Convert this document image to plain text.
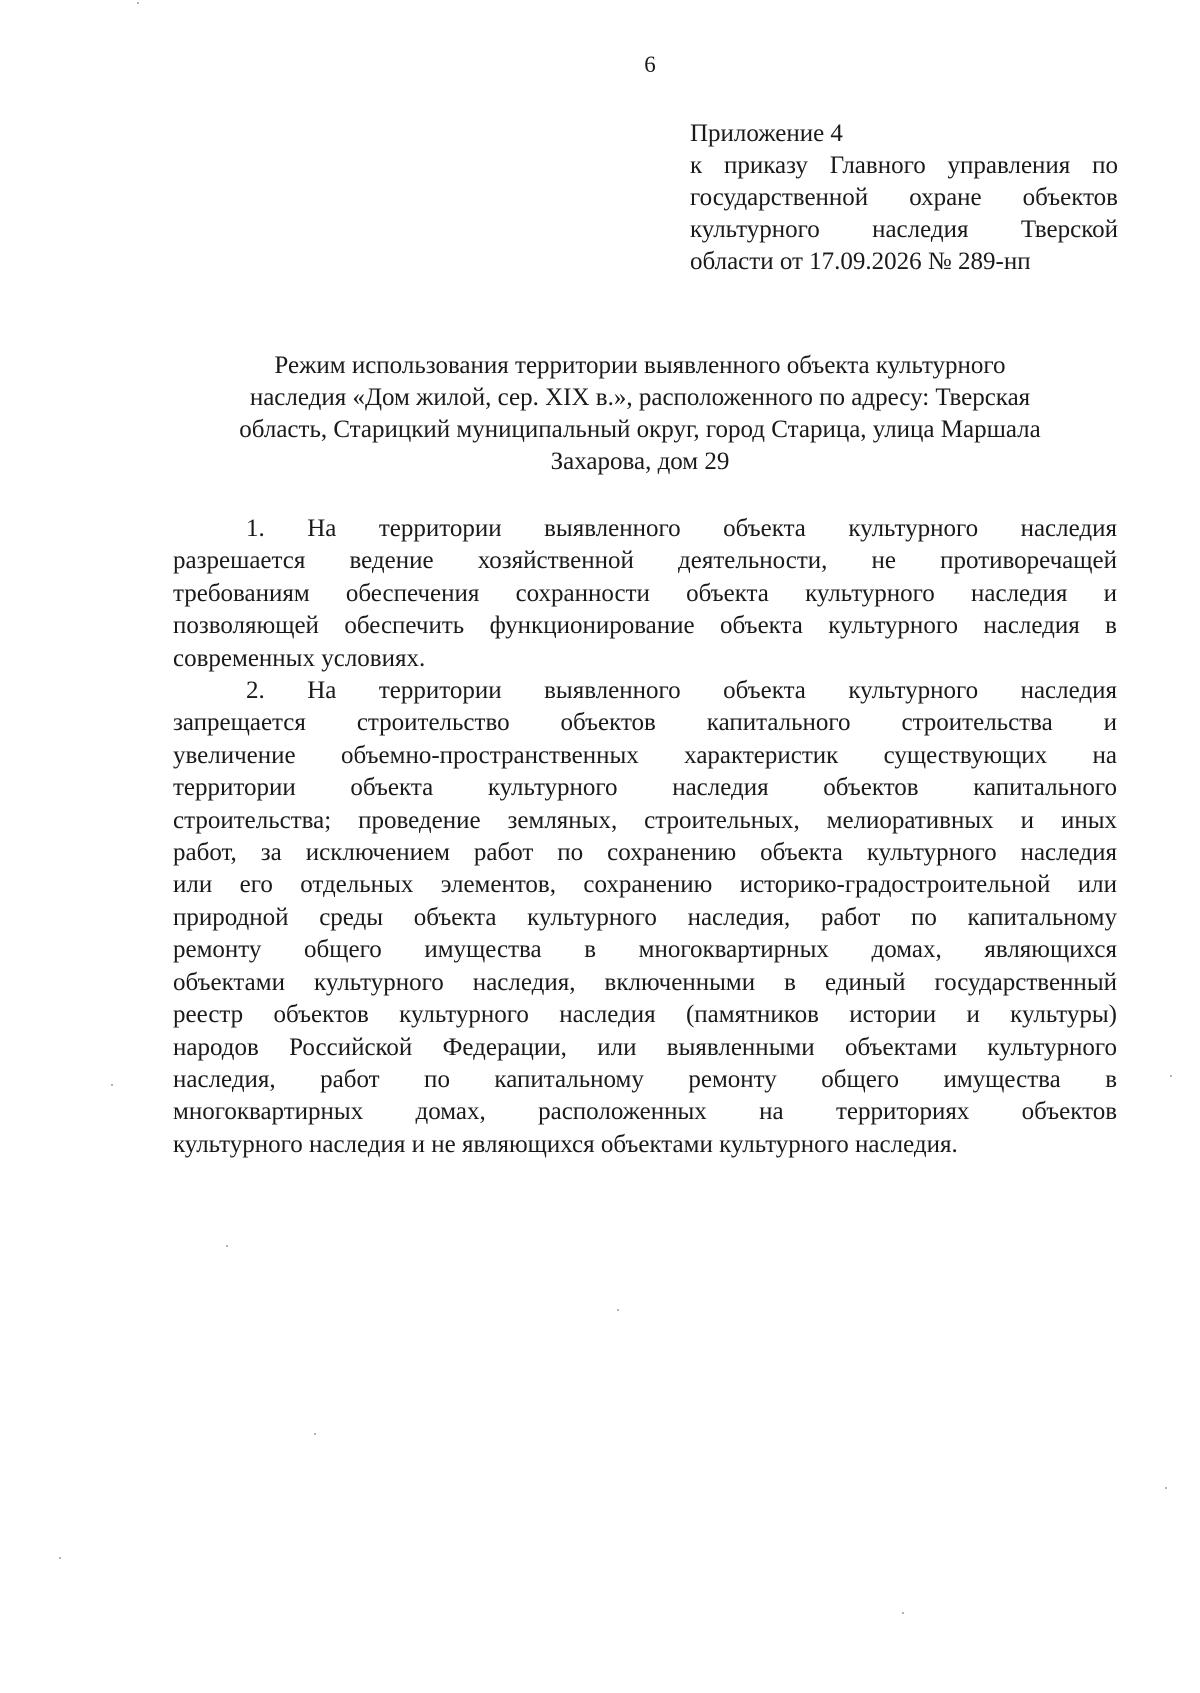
6
Приложение 4
к приказу Главного управления по
государственной охране объектов
культурного наследия Тверской
области от 17.09.2026 № 289-нп
Режим использования территории выявленного объекта культурного
наследия «Дом жилой, сер. XIX в.», расположенного по адресу: Тверская
область, Старицкий муниципальный округ, город Старица, улица Маршала
Захарова, дом 29
1. На территории выявленного объекта культурного наследия
разрешается ведение хозяйственной деятельности, не противоречащей
требованиям обеспечения сохранности объекта культурного наследия и
позволяющей обеспечить функционирование объекта культурного наследия в
современных условиях.
2. На территории выявленного объекта культурного наследия
запрещается строительство объектов капитального строительства и
увеличение объемно-пространственных характеристик существующих на
территории объекта культурного наследия объектов капитального
строительства; проведение земляных, строительных, мелиоративных и иных
работ, за исключением работ по сохранению объекта культурного наследия
или его отдельных элементов, сохранению историко-градостроительной или
природной среды объекта культурного наследия, работ по капитальному
ремонту общего имущества в многоквартирных домах, являющихся
объектами культурного наследия, включенными в единый государственный
реестр объектов культурного наследия (памятников истории и культуры)
народов Российской Федерации, или выявленными объектами культурного
наследия, работ по капитальному ремонту общего имущества в
многоквартирных домах, расположенных на территориях объектов
культурного наследия и не являющихся объектами культурного наследия.
